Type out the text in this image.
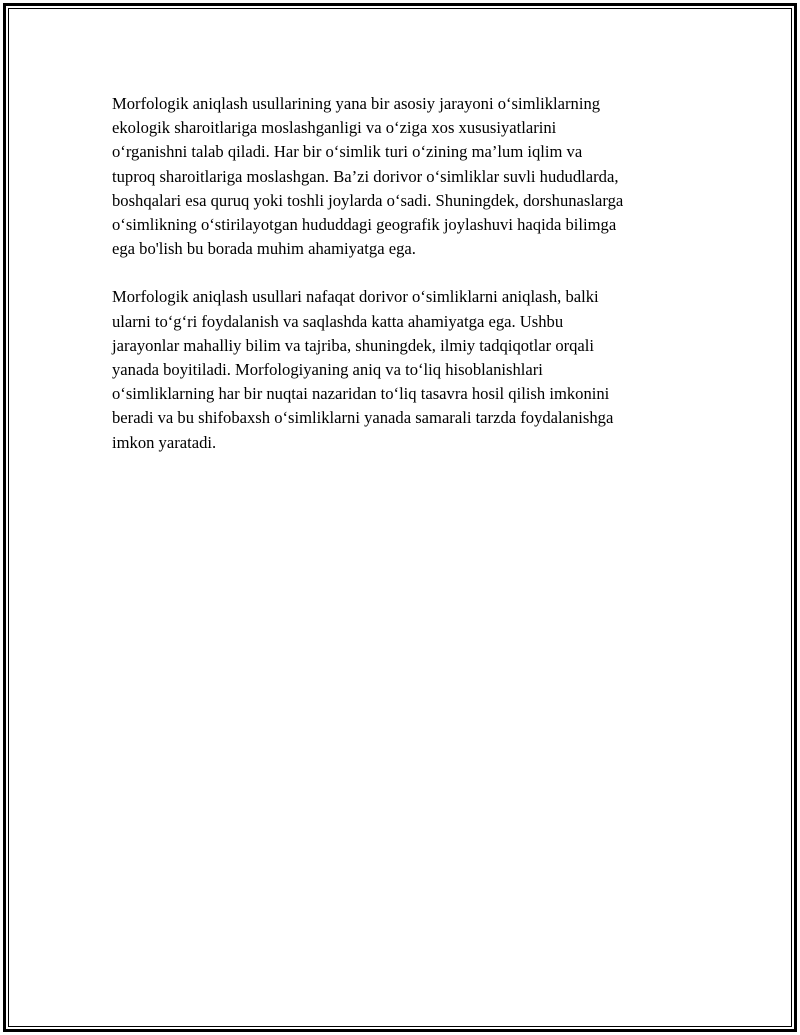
Morfologik aniqlash usullarining yana bir asosiy jarayoni o‘simliklarning
ekologik sharoitlariga moslashganligi va o‘ziga xos xususiyatlarini
o‘rganishni talab qiladi. Har bir o‘simlik turi o‘zining ma’lum iqlim va
tuproq sharoitlariga moslashgan. Ba’zi dorivor o‘simliklar suvli hududlarda,
boshqalari esa quruq yoki toshli joylarda o‘sadi. Shuningdek, dorshunaslarga
o‘simlikning o‘stirilayotgan hududdagi geografik joylashuvi haqida bilimga
ega bo'lish bu borada muhim ahamiyatga ega.

Morfologik aniqlash usullari nafaqat dorivor o‘simliklarni aniqlash, balki
ularni to‘g‘ri foydalanish va saqlashda katta ahamiyatga ega. Ushbu
jarayonlar mahalliy bilim va tajriba, shuningdek, ilmiy tadqiqotlar orqali
yanada boyitiladi. Morfologiyaning aniq va to‘liq hisoblanishlari
o‘simliklarning har bir nuqtai nazaridan to‘liq tasavra hosil qilish imkonini
beradi va bu shifobaxsh o‘simliklarni yanada samarali tarzda foydalanishga
imkon yaratadi.
